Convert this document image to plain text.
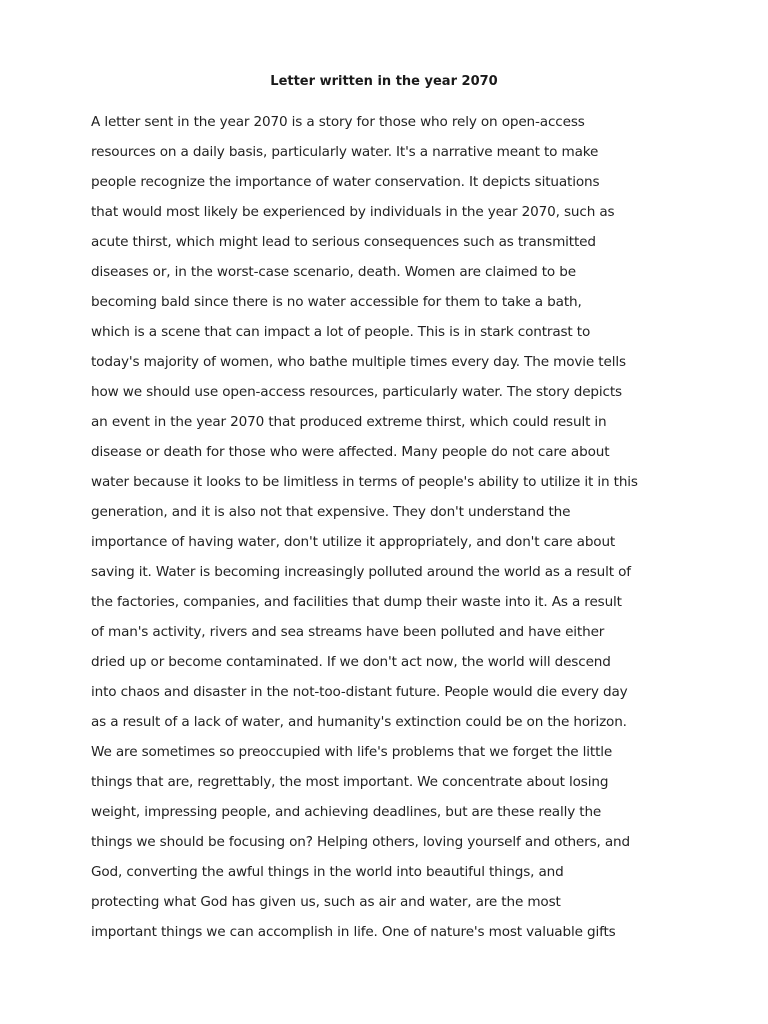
Letter written in the year 2070
A letter sent in the year 2070 is a story for those who rely on open-access
resources on a daily basis, particularly water. It's a narrative meant to make
people recognize the importance of water conservation. It depicts situations
that would most likely be experienced by individuals in the year 2070, such as
acute thirst, which might lead to serious consequences such as transmitted
diseases or, in the worst-case scenario, death. Women are claimed to be
becoming bald since there is no water accessible for them to take a bath,
which is a scene that can impact a lot of people. This is in stark contrast to
today's majority of women, who bathe multiple times every day. The movie tells
how we should use open-access resources, particularly water. The story depicts
an event in the year 2070 that produced extreme thirst, which could result in
disease or death for those who were affected. Many people do not care about
water because it looks to be limitless in terms of people's ability to utilize it in this
generation, and it is also not that expensive. They don't understand the
importance of having water, don't utilize it appropriately, and don't care about
saving it. Water is becoming increasingly polluted around the world as a result of
the factories, companies, and facilities that dump their waste into it. As a result
of man's activity, rivers and sea streams have been polluted and have either
dried up or become contaminated. If we don't act now, the world will descend
into chaos and disaster in the not-too-distant future. People would die every day
as a result of a lack of water, and humanity's extinction could be on the horizon.
We are sometimes so preoccupied with life's problems that we forget the little
things that are, regrettably, the most important. We concentrate about losing
weight, impressing people, and achieving deadlines, but are these really the
things we should be focusing on? Helping others, loving yourself and others, and
God, converting the awful things in the world into beautiful things, and
protecting what God has given us, such as air and water, are the most
important things we can accomplish in life. One of nature's most valuable gifts
